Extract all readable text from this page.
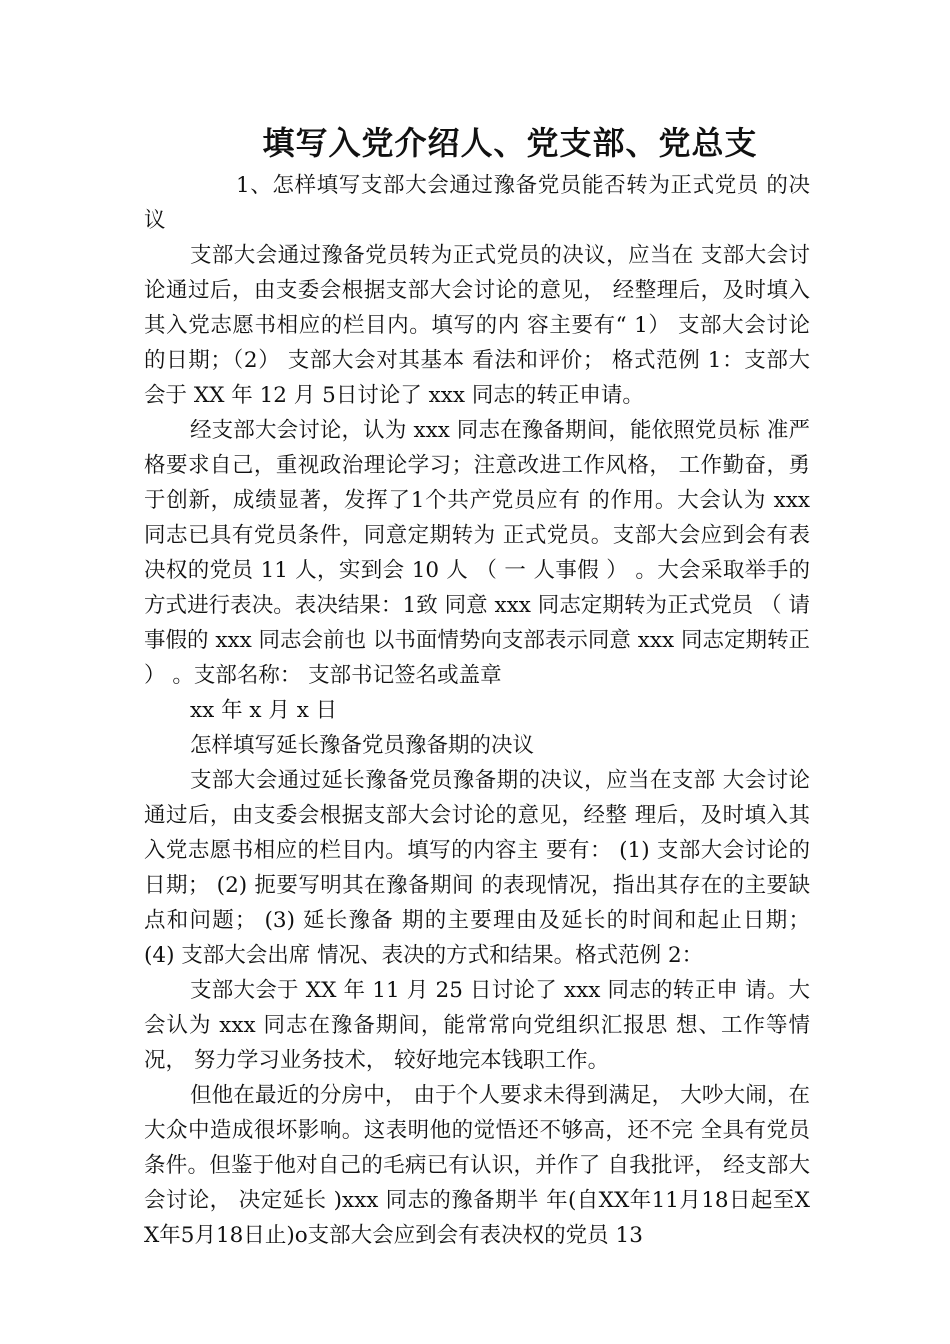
填写入党介绍人、党支部、党总支

1、怎样填写支部大会通过豫备党员能否转为正式党员 的决议

支部大会通过豫备党员转为正式党员的决议，应当在 支部大会讨论通过后，由支委会根据支部大会讨论的意见， 经整理后，及时填入其入党志愿书相应的栏目内。填写的内 容主要有“ 1） 支部大会讨论的日期；（2） 支部大会对其基本 看法和评价； 格式范例 1：支部大会于 XX 年 12 月 5日讨论了 xxx 同志的转正申请。

经支部大会讨论，认为 xxx 同志在豫备期间，能依照党员标 准严格要求自己，重视政治理论学习；注意改进工作风格， 工作勤奋，勇于创新，成绩显著，发挥了1个共产党员应有 的作用。大会认为 xxx 同志已具有党员条件，同意定期转为 正式党员。支部大会应到会有表决权的党员 11 人，实到会 10 人 （ 一 人事假 ） 。大会采取举手的方式进行表决。表决结果：1致 同意 xxx 同志定期转为正式党员 （ 请事假的 xxx 同志会前也 以书面情势向支部表示同意 xxx 同志定期转正 ） 。支部名称： 支部书记签名或盖章

xx 年 x 月 x 日

怎样填写延长豫备党员豫备期的决议

支部大会通过延长豫备党员豫备期的决议，应当在支部 大会讨论通过后，由支委会根据支部大会讨论的意见，经整 理后，及时填入其入党志愿书相应的栏目内。填写的内容主 要有： (1) 支部大会讨论的日期； (2) 扼要写明其在豫备期间 的表现情况，指出其存在的主要缺点和问题； (3) 延长豫备 期的主要理由及延长的时间和起止日期； (4) 支部大会出席 情况、表决的方式和结果。格式范例 2：

支部大会于 XX 年 11 月 25 日讨论了 xxx 同志的转正申 请。大会认为 xxx 同志在豫备期间，能常常向党组织汇报思 想、工作等情况， 努力学习业务技术， 较好地完本钱职工作。

但他在最近的分房中， 由于个人要求未得到满足， 大吵大闹，在大众中造成很坏影响。这表明他的觉悟还不够高，还不完 全具有党员条件。但鉴于他对自己的毛病已有认识，并作了 自我批评， 经支部大会讨论， 决定延长 )xxx 同志的豫备期半 年(自XX年11月18日起至XX年5月18日止)o支部大会应到会有表决权的党员 13
